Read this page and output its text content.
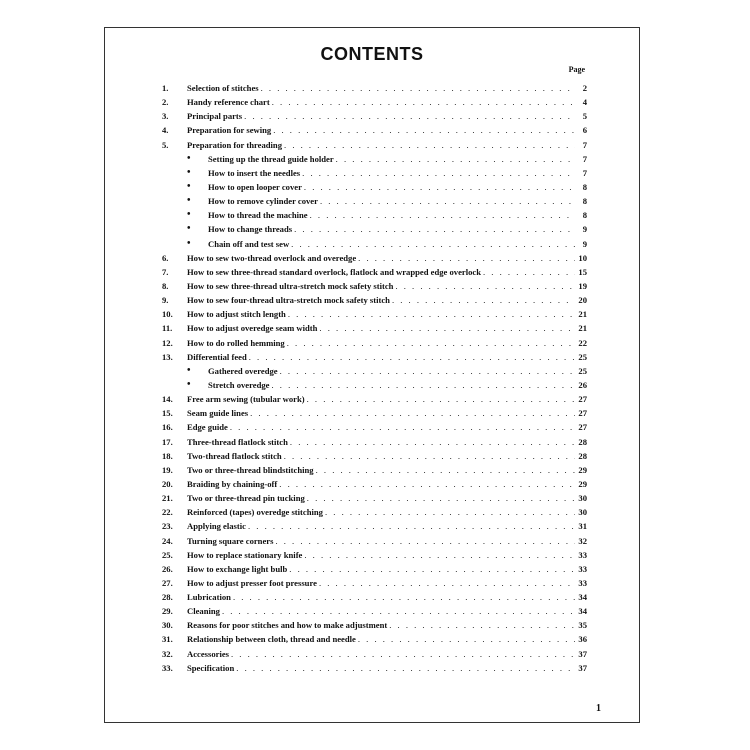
CONTENTS
Page
1.	Selection of stitches . . .	2
2.	Handy reference chart . . .	4
3.	Principal parts . . .	5
4.	Preparation for sewing . . .	6
5.	Preparation for threading . . .	7
• Setting up the thread guide holder . . .	7
• How to insert the needles . . .	7
• How to open looper cover . . .	8
• How to remove cylinder cover . . .	8
• How to thread the machine . . .	8
• How to change threads . . .	9
• Chain off and test sew . . .	9
6.	How to sew two-thread overlock and overedge . . .	10
7.	How to sew three-thread standard overlock, flatlock and wrapped edge overlock . . .	15
8.	How to sew three-thread ultra-stretch mock safety stitch . . .	19
9.	How to sew four-thread ultra-stretch mock safety stitch . . .	20
10.	How to adjust stitch length . . .	21
11.	How to adjust overedge seam width . . .	21
12.	How to do rolled hemming . . .	22
13.	Differential feed . . .	25
• Gathered overedge . . .	25
• Stretch overedge . . .	26
14.	Free arm sewing (tubular work) . . .	27
15.	Seam guide lines . . .	27
16.	Edge guide . . .	27
17.	Three-thread flatlock stitch . . .	28
18.	Two-thread flatlock stitch . . .	28
19.	Two or three-thread blindstitching . . .	29
20.	Braiding by chaining-off . . .	29
21.	Two or three-thread pin tucking . . .	30
22.	Reinforced (tapes) overedge stitching . . .	30
23.	Applying elastic . . .	31
24.	Turning square corners . . .	32
25.	How to replace stationary knife . . .	33
26.	How to exchange light bulb . . .	33
27.	How to adjust presser foot pressure . . .	33
28.	Lubrication . . .	34
29.	Cleaning . . .	34
30.	Reasons for poor stitches and how to make adjustment . . .	35
31.	Relationship between cloth, thread and needle . . .	36
32.	Accessories . . .	37
33.	Specification . . .	37
1
